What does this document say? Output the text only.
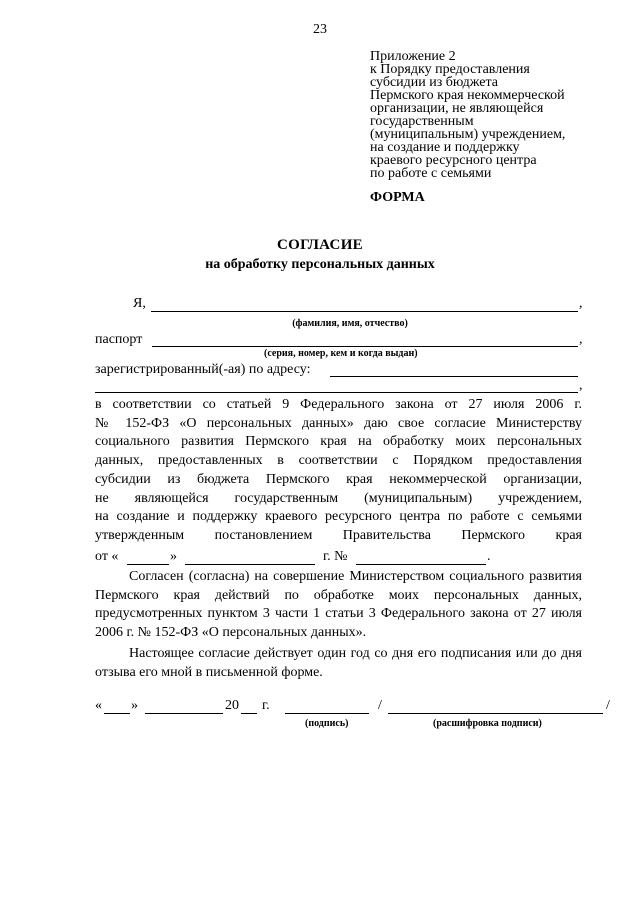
23
Приложение 2
к Порядку предоставления
субсидии из бюджета
Пермского края некоммерческой
организации, не являющейся
государственным
(муниципальным) учреждением,
на создание и поддержку
краевого ресурсного центра
по работе с семьями
ФОРМА
СОГЛАСИЕ
на обработку персональных данных
Я,	,
(фамилия, имя, отчество)
паспорт	,
(серия, номер, кем и когда выдан)
зарегистрированный(-ая) по адресу:
,
в соответствии со статьей 9 Федерального закона от 27 июля 2006 г.
№ 152-ФЗ «О персональных данных» даю свое согласие Министерству
социального развития Пермского края на обработку моих персональных
данных, предоставленных в соответствии с Порядком предоставления
субсидии из бюджета Пермского края некоммерческой организации,
не являющейся государственным (муниципальным) учреждением,
на создание и поддержку краевого ресурсного центра по работе с семьями
утвержденным постановлением Правительства Пермского края
от «	»	г. №	.
Согласен (согласна) на совершение Министерством социального развития Пермского края действий по обработке моих персональных данных, предусмотренных пунктом 3 части 1 статьи 3 Федерального закона от 27 июля 2006 г. № 152-ФЗ «О персональных данных».
Настоящее согласие действует один год со дня его подписания или до дня отзыва его мной в письменной форме.
« »	20 г.	/	/
(подпись)	(расшифровка подписи)
